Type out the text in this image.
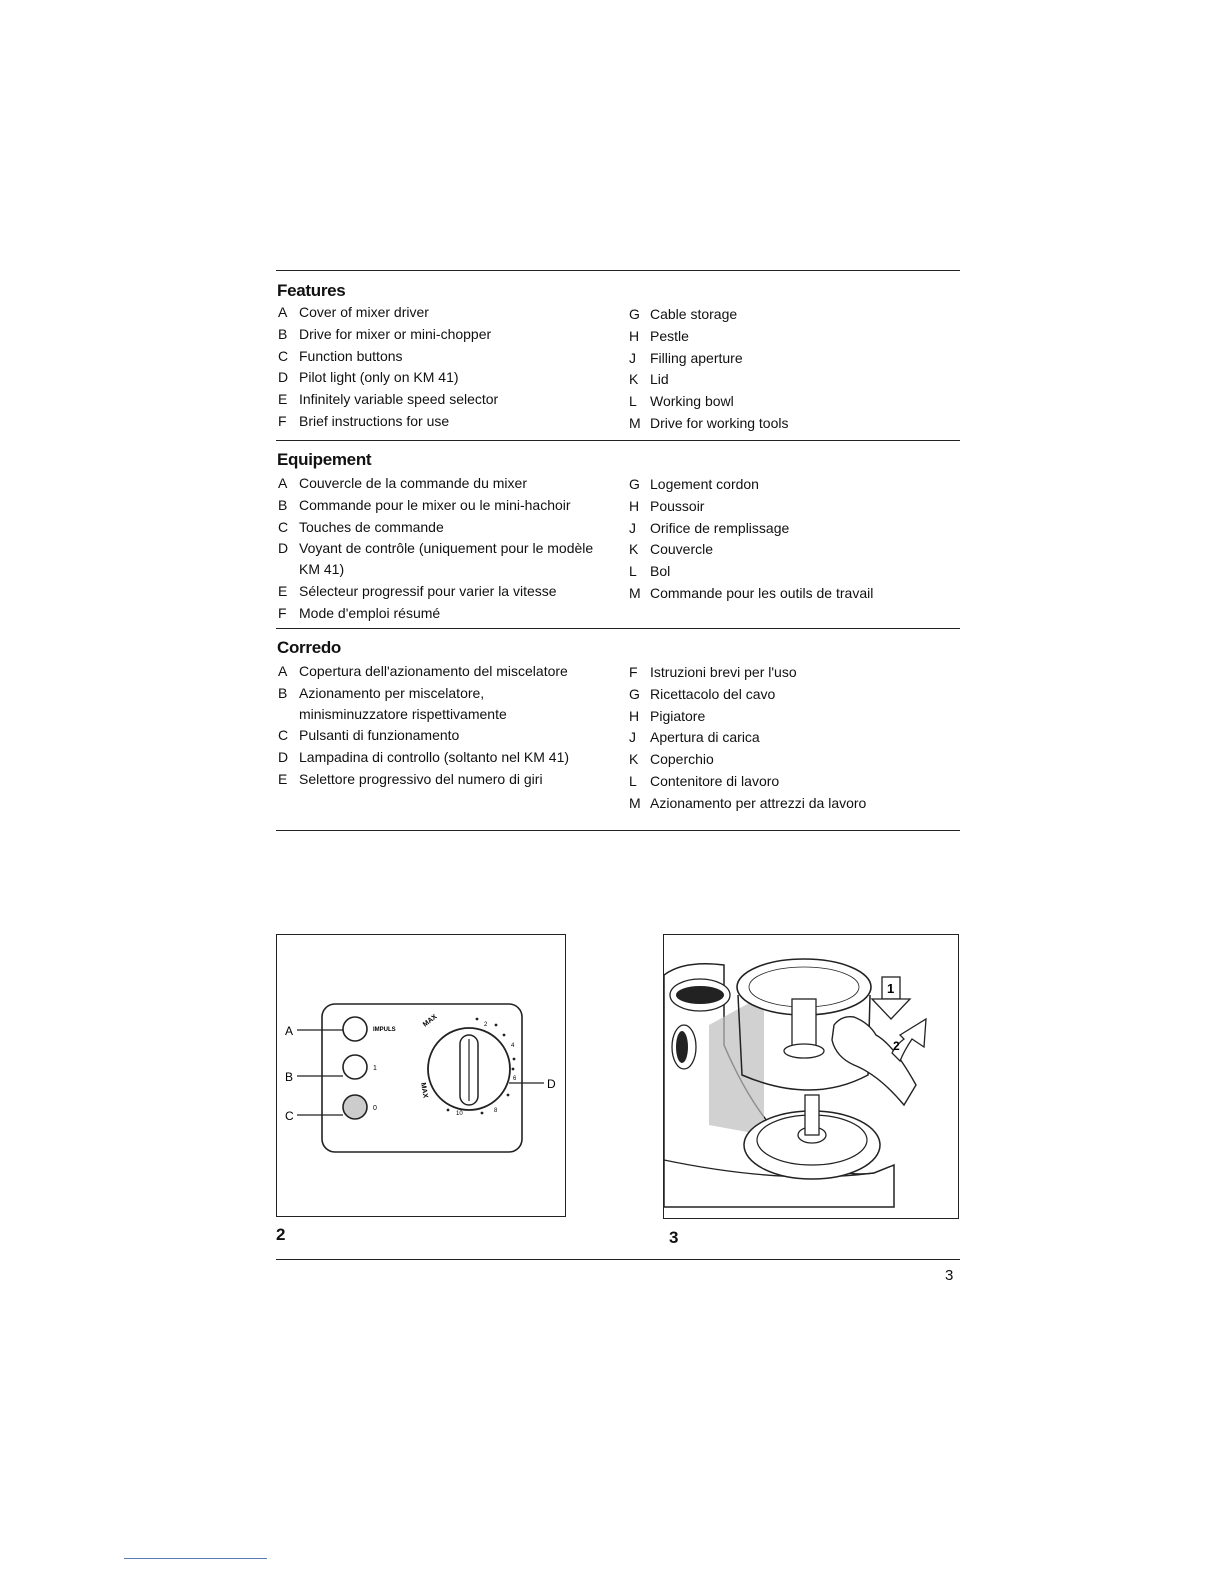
Features
A Cover of mixer driver
B Drive for mixer or mini-chopper
C Function buttons
D Pilot light (only on KM 41)
E Infinitely variable speed selector
F Brief instructions for use
G Cable storage
H Pestle
J	Filling aperture
K Lid
L Working bowl
M Drive for working tools
Equipement
A Couvercle de la commande du mixer
B Commande pour le mixer ou le mini-hachoir
C Touches de commande
D Voyant de contrôle (uniquement pour le modèle KM 41)
E Sélecteur progressif pour varier la vitesse
F Mode d'emploi résumé
G Logement cordon
H Poussoir
J	Orifice de remplissage
K Couvercle
L Bol
M Commande pour les outils de travail
Corredo
A Copertura dell'azionamento del miscelatore
B Azionamento per miscelatore, minisminuzzatore rispettivamente
C Pulsanti di funzionamento
D Lampadina di controllo (soltanto nel KM 41)
E Selettore progressivo del numero di giri
F Istruzioni brevi per l'uso
G Ricettacolo del cavo
H Pigiatore
J	Apertura di carica
K Coperchio
L Contenitore di lavoro
M Azionamento per attrezzi da lavoro
A
B
C
D
IMPULS
1
0
MAX
MAX
2
4
6
8
10
2
1
2
3
3
